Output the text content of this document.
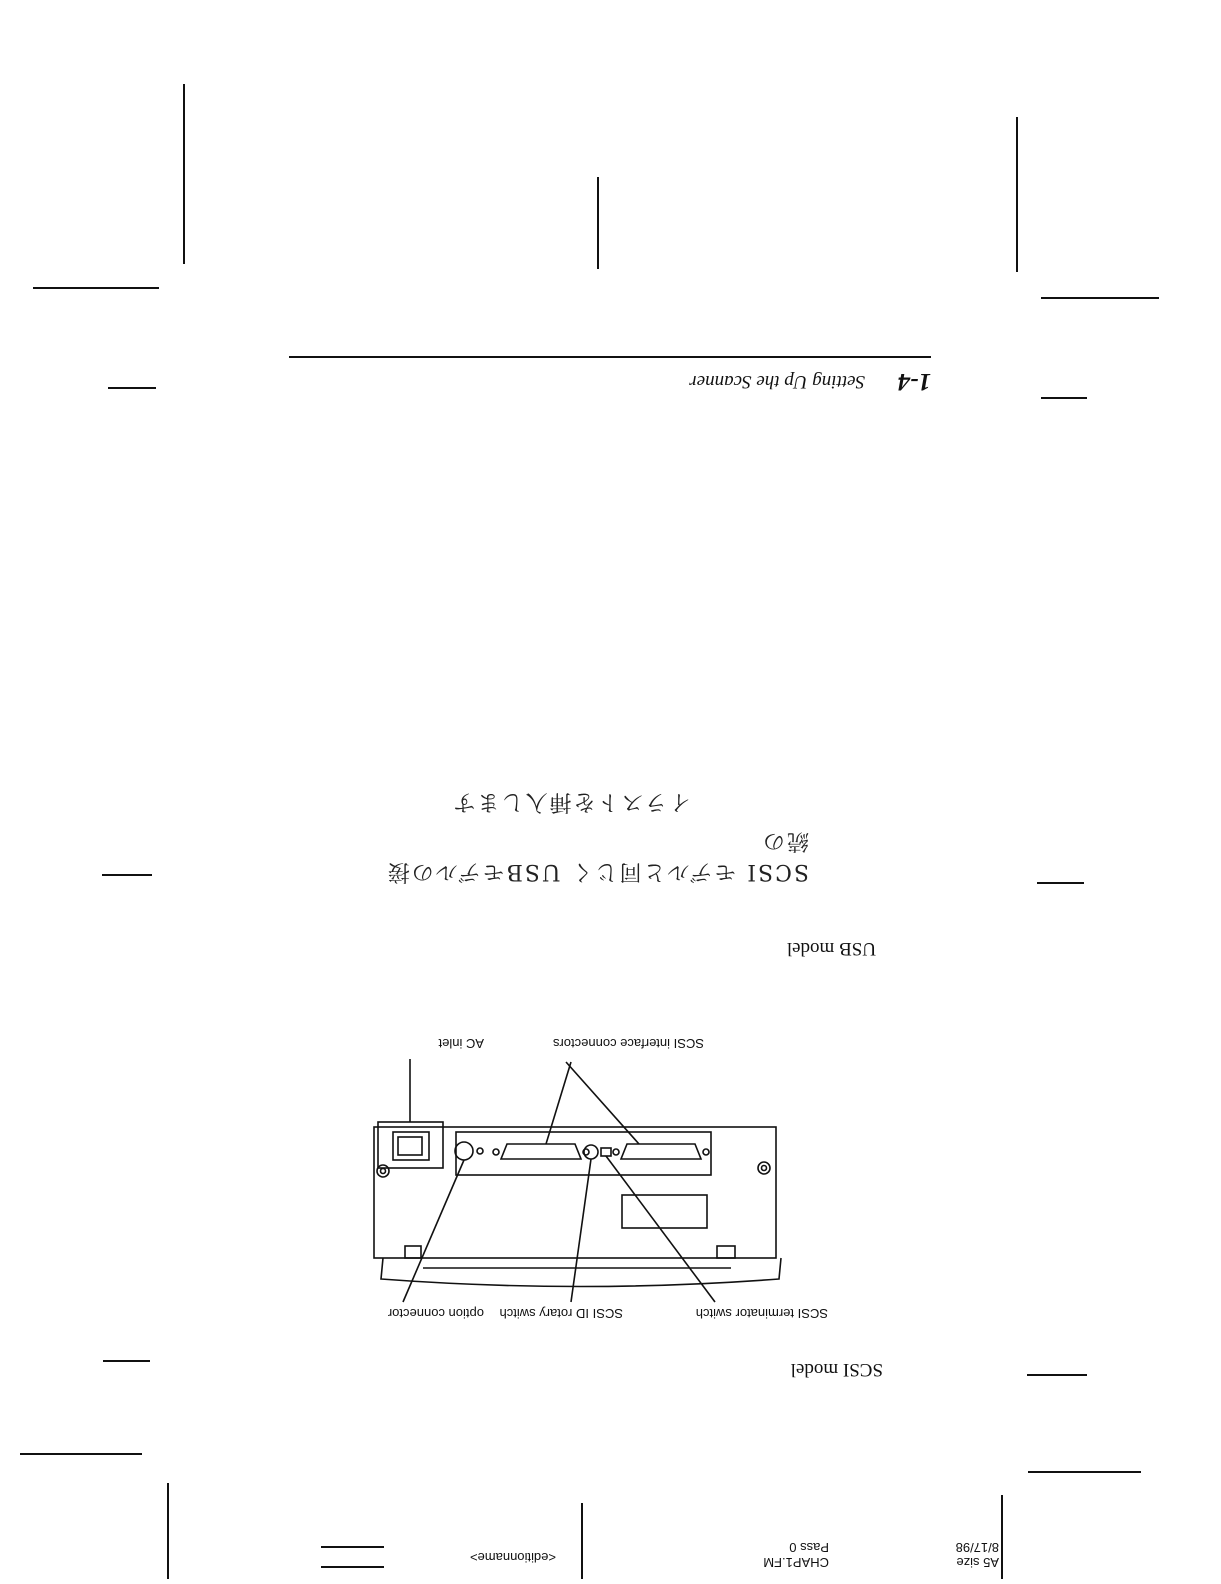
1-4
Setting Up the Scanner
SCSI モデルと同じく USBモデルの接続の
イラストを挿入します
USB model
AC inlet	SCSI interface connectors
option connector SCSI ID rotary switch	SCSI terminator switch
SCSI model
A5 size
8/17/98
CHAP1.FM
Pass 0
<editionname>
